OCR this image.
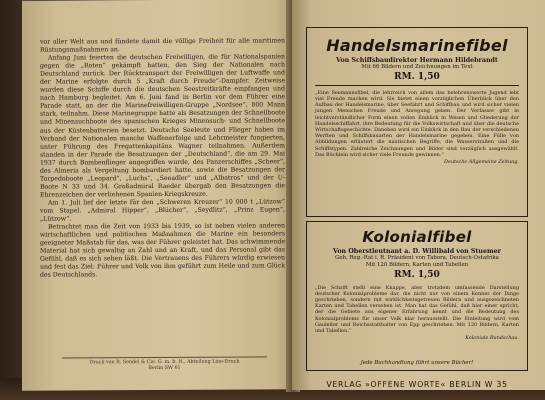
vor aller Welt aus und fündete damit die völlige Freiheit für alle maritimen Rüstungsmaßnahmen an.

Anfang Juni feierten die deutschen Freiwilligen, die für Nationalspanien gegen die „Roten“ gekämpft hatten, den Sieg der Nationalen nach Deutschland zurück. Der Rücktransport der Freiwilligen der Luftwaffe und der Marine erfolgte durch 5 „Kraft durch Freude“-Dampfer. Zeitweise wurden diese Schiffe durch die deutschen Seestreitkräfte empfangen und nach Hamburg begleitet. Am 6. Juni fand in Berlin vor dem Führer eine Parade statt, an der die Marinefreiwilligen-Gruppe „Nordsee“, 800 Mann stark, teilnahm. Diese Marinegruppe hatte als Besatzungen der Schnellboote und Minensuchboote des spanischen Krieges Minensuch- und Schnellboote aus der Küstenbatterien besetzt. Deutsche Seeleute und Flieger haben im Verband der Nationalen manche Waffenerfolge und Lehrmeister fungierten, unter Führung des Fregattenkapitäns Wagner teilnahmen. Außerdem standen in der Parade die Besatzungen der „Deutschland“, die am 29. Mai 1937 durch Bombenflieger angegriffen wurde, des Panzerschiffes „Scheer“, des Almeria als Vergeltung bombardiert hatte, sowie die Besatzungen der Torpedoboote „Leopard“, „Luchs“, „Seeadler“ und „Albatros“ und der U-Boote N 33 und 34. Großadmiral Raeder übergab den Besatzungen die Ehrenzeichen der verliehenen Spanien-Kriegskreuze.

Am 1. Juli lief der letzte für den „Schweren Kreuzer“ 10 000 t „Lützow“ vom Stapel. „Admiral Hipper“, „Blücher“, „Seydlitz“, „Prinz Eugen“, „Lützow“.

Betrachtet man die Zeit von 1933 bis 1939, so ist neben vielen anderen wirtschaftlichen und politischen Maßnahmen die Marine ein besonders geeigneter Maßstab für das, was der Führer geleistet hat. Das schwimmende Material hat sich gewaltig an Zahl und an Kraft, und das Personal gibt das Gefühl, daß es sich sehen läßt. Die Vertrauens des Führers würdig erwiesen und fest das Ziel: Führer und Volk von ihm geführt zum Heile und zum Glück des Deutschlands.

Druck von R. Sendel & Cie. G. m. b. H., Abteilung Lino-Druck
Berlin SW 61
Handelsmarinefibel
Von Schiffsbaudirektor Hermann Hildebrandt
Mit 66 Bildern und Zeichnungen im Text
RM. 1,50
„Eine Seemannsfibel, die lehrreich von allem das belehrenswerte Jugend lebt viel Freude machen wird. Sie bietet einen vorzüglichen Überblick über den Aufbau der Handelsmarine, über Seefahrt und Schiffbau und wird sicher vielen jungen Menschen Freude und Anregung geben. Der Verfasser gibt in leichtverständlicher Form einen vollen Einblick in Wesen und Gliederung der Handelsschiffahrt, ihre Bedeutung für die Volkswirtschaft und über die deutsche Wirtschaftsgeschichte. Daneben wird ein Einblick in den Bau der verschiedenen Werften und Schiffsbauarten der Handelsmarine gegeben. Eine Fülle von Abbildungen erläutert die nautischen Begriffe, die Wasserstraßen und die Schiffstypen. Zahlreiche Zeichnungen und Bilder sind vorzüglich ausgewählt. Das Büchlein wird sicher viele Freunde gewinnen.“
Deutsche Allgemeine Zeitung.
Kolonialfibel
Von Oberstleutnant a. D. Willibald von Stuemer
Geh. Reg.-Rat i. R. Präsident von Tabora, Deutsch-Ostafrika
Mit 120 Bildern, Karten und Tabellen
RM. 1,50
„Die Schrift stellt eine Knappe, aber trotzdem umfassende Darstellung deutscher Kolonialprobleme dar, die nicht nur von einem Kenner der Dinge geschrieben, sondern mit wirklichkeitsgetreuen Bildern und ausgezeichneten Karten und Tabellen versehen ist. Man hat das Gefühl, daß hier einer spricht, der die Gebiete aus eigener Erfahrung kennt und die Bedeutung des Kolonialproblems für unser Volk klar herausstellt. Die Einleitung wird vom Gauleiter und Reichsstatthalter von Epp geschrieben. Mit 120 Bildern, Karten und Tabellen.“
Koloniale Rundschau.
Jede Buchhandlung führt unsere Bücher!
VERLAG »OFFENE WORTE« BERLIN W 35
